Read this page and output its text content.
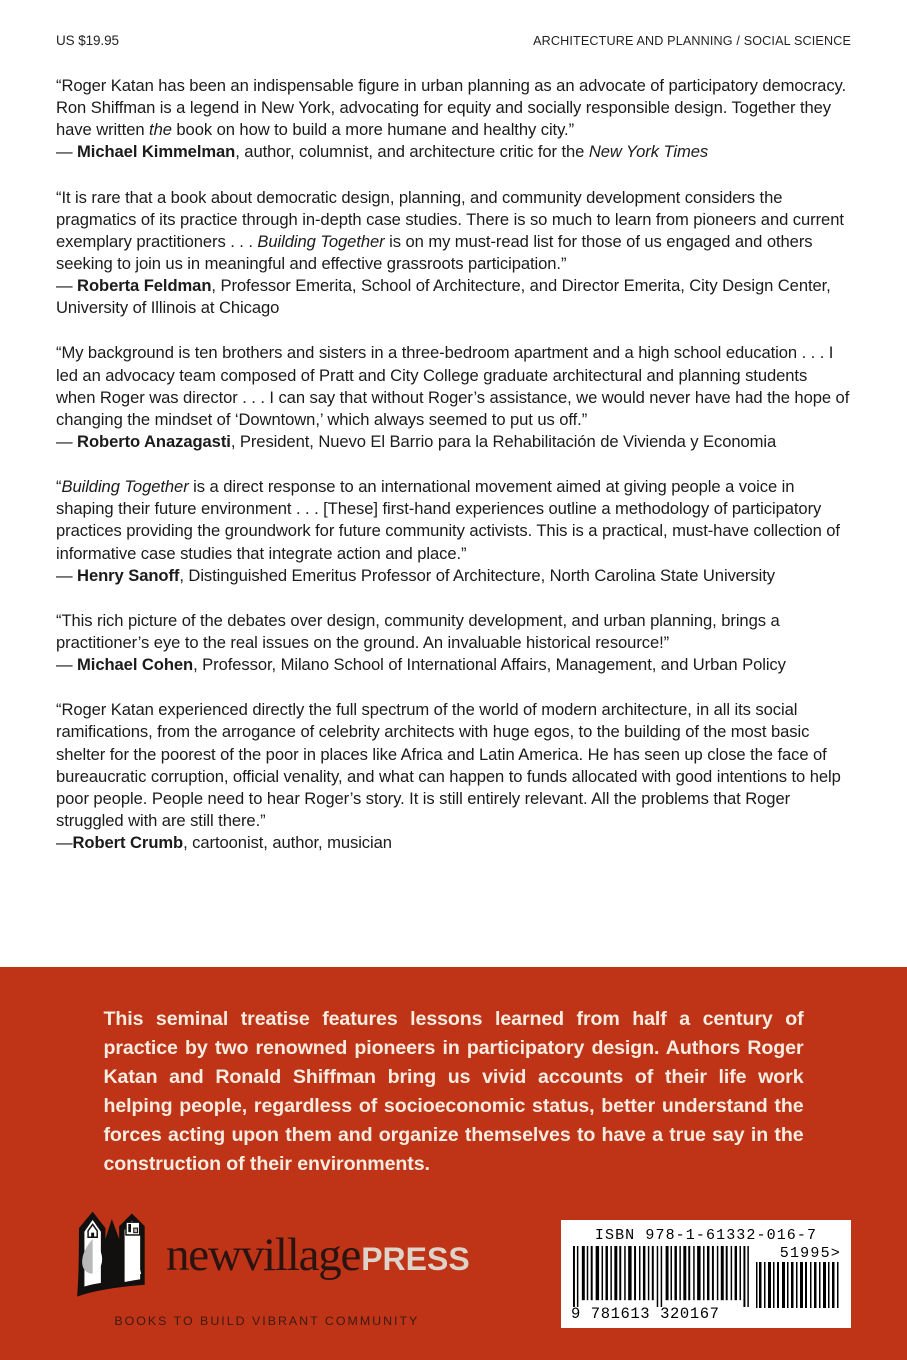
US $19.95	ARCHITECTURE AND PLANNING / SOCIAL SCIENCE
“Roger Katan has been an indispensable figure in urban planning as an advocate of participatory democracy. Ron Shiffman is a legend in New York, advocating for equity and socially responsible design. Together they have written the book on how to build a more humane and healthy city.”
— Michael Kimmelman, author, columnist, and architecture critic for the New York Times
“It is rare that a book about democratic design, planning, and community development considers the pragmatics of its practice through in-depth case studies. There is so much to learn from pioneers and current exemplary practitioners . . . Building Together is on my must-read list for those of us engaged and others seeking to join us in meaningful and effective grassroots participation.”
— Roberta Feldman, Professor Emerita, School of Architecture, and Director Emerita, City Design Center, University of Illinois at Chicago
“My background is ten brothers and sisters in a three-bedroom apartment and a high school education . . . I led an advocacy team composed of Pratt and City College graduate architectural and planning students when Roger was director . . . I can say that without Roger’s assistance, we would never have had the hope of changing the mindset of ‘Downtown,’ which always seemed to put us off.”
— Roberto Anazagasti, President, Nuevo El Barrio para la Rehabilitación de Vivienda y Economia
“Building Together is a direct response to an international movement aimed at giving people a voice in shaping their future environment . . . [These] first-hand experiences outline a methodology of participatory practices providing the groundwork for future community activists. This is a practical, must-have collection of informative case studies that integrate action and place.”
— Henry Sanoff, Distinguished Emeritus Professor of Architecture, North Carolina State University
“This rich picture of the debates over design, community development, and urban planning, brings a practitioner’s eye to the real issues on the ground. An invaluable historical resource!”
— Michael Cohen, Professor, Milano School of International Affairs, Management, and Urban Policy
“Roger Katan experienced directly the full spectrum of the world of modern architecture, in all its social ramifications, from the arrogance of celebrity architects with huge egos, to the building of the most basic shelter for the poorest of the poor in places like Africa and Latin America. He has seen up close the face of bureaucratic corruption, official venality, and what can happen to funds allocated with good intentions to help poor people. People need to hear Roger’s story. It is still entirely relevant. All the problems that Roger struggled with are still there.”
—Robert Crumb, cartoonist, author, musician

This seminal treatise features lessons learned from half a century of practice by two renowned pioneers in participatory design. Authors Roger Katan and Ronald Shiffman bring us vivid accounts of their life work helping people, regardless of socioeconomic status, better understand the forces acting upon them and organize themselves to have a true say in the construction of their environments.

newvillage PRESS
BOOKS TO BUILD VIBRANT COMMUNITY
ISBN 978-1-61332-016-7
51995>
9 781613 320167
